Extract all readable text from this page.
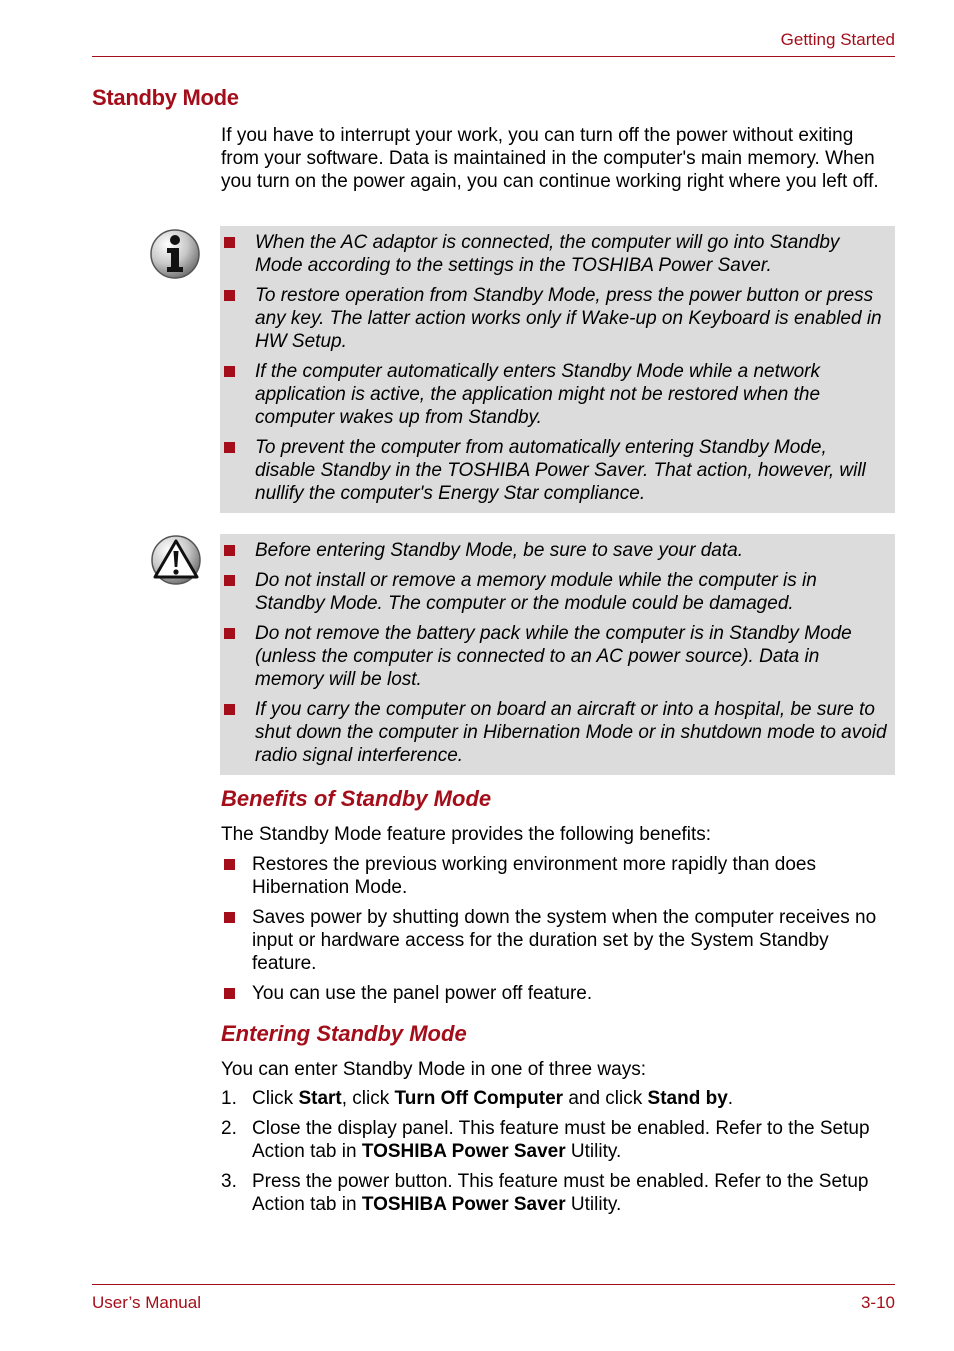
Getting Started
Standby Mode

If you have to interrupt your work, you can turn off the power without exiting from your software. Data is maintained in the computer's main memory. When you turn on the power again, you can continue working right where you left off.

When the AC adaptor is connected, the computer will go into Standby Mode according to the settings in the TOSHIBA Power Saver.
To restore operation from Standby Mode, press the power button or press any key. The latter action works only if Wake-up on Keyboard is enabled in HW Setup.
If the computer automatically enters Standby Mode while a network application is active, the application might not be restored when the computer wakes up from Standby.
To prevent the computer from automatically entering Standby Mode, disable Standby in the TOSHIBA Power Saver. That action, however, will nullify the computer's Energy Star compliance.
Before entering Standby Mode, be sure to save your data.
Do not install or remove a memory module while the computer is in Standby Mode. The computer or the module could be damaged.
Do not remove the battery pack while the computer is in Standby Mode (unless the computer is connected to an AC power source). Data in memory will be lost.
If you carry the computer on board an aircraft or into a hospital, be sure to shut down the computer in Hibernation Mode or in shutdown mode to avoid radio signal interference.
Benefits of Standby Mode

The Standby Mode feature provides the following benefits:

Restores the previous working environment more rapidly than does Hibernation Mode.
Saves power by shutting down the system when the computer receives no input or hardware access for the duration set by the System Standby feature.
You can use the panel power off feature.
Entering Standby Mode

You can enter Standby Mode in one of three ways:

1. Click Start, click Turn Off Computer and click Stand by.
2. Close the display panel. This feature must be enabled. Refer to the Setup Action tab in TOSHIBA Power Saver Utility.
3. Press the power button. This feature must be enabled. Refer to the Setup Action tab in TOSHIBA Power Saver Utility.
User’s Manual	3-10
